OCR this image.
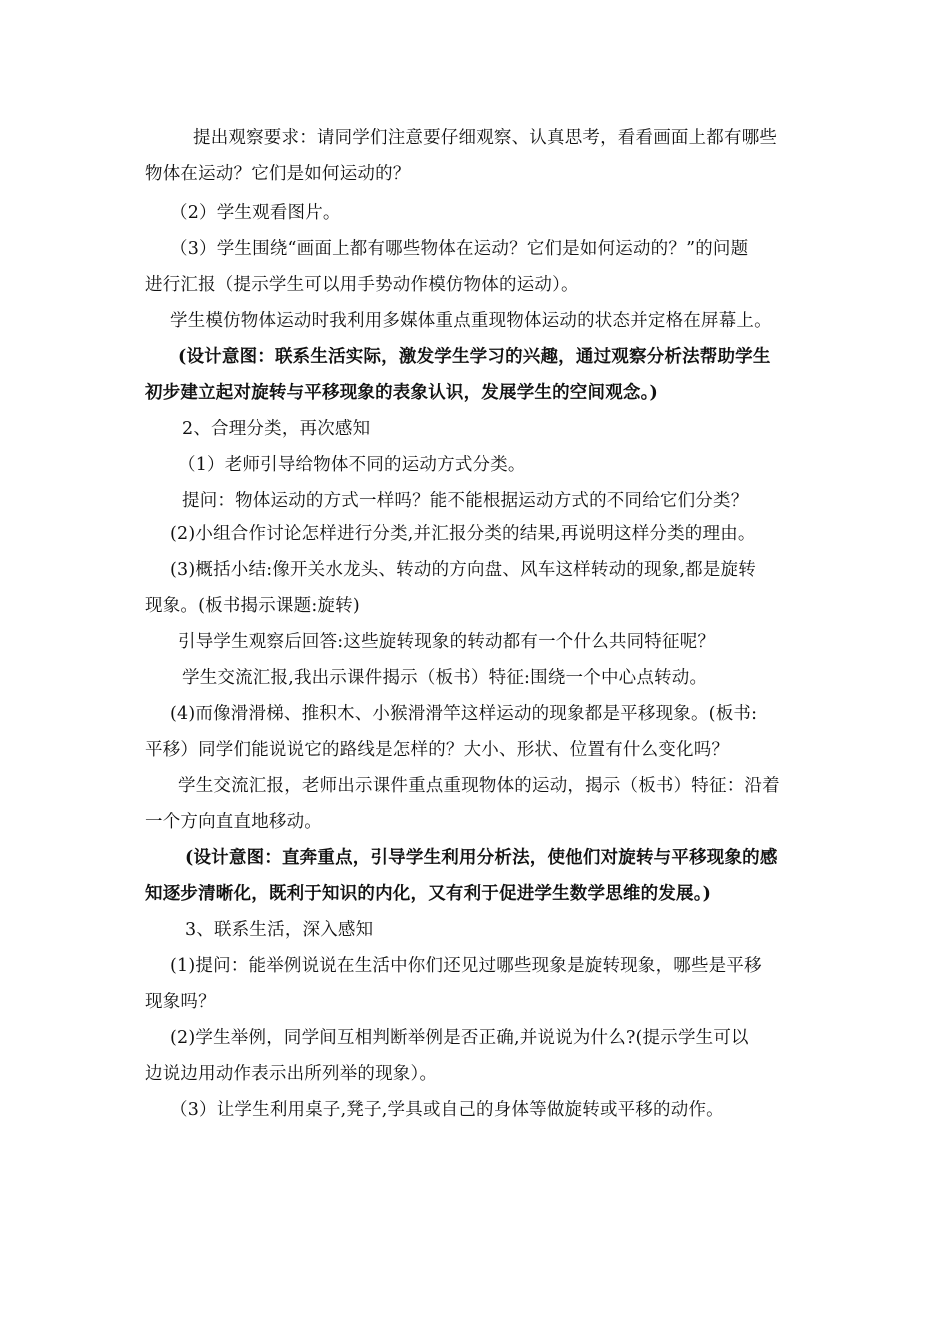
提出观察要求：请同学们注意要仔细观察、认真思考，看看画面上都有哪些
物体在运动？它们是如何运动的？
（2）学生观看图片。
（3）学生围绕“画面上都有哪些物体在运动？它们是如何运动的？”的问题
进行汇报（提示学生可以用手势动作模仿物体的运动）。
学生模仿物体运动时我利用多媒体重点重现物体运动的状态并定格在屏幕上。
(设计意图：联系生活实际，激发学生学习的兴趣，通过观察分析法帮助学生
初步建立起对旋转与平移现象的表象认识，发展学生的空间观念。)
2、合理分类，再次感知
（1）老师引导给物体不同的运动方式分类。
提问：物体运动的方式一样吗？能不能根据运动方式的不同给它们分类？
(2)小组合作讨论怎样进行分类,并汇报分类的结果,再说明这样分类的理由。
(3)概括小结:像开关水龙头、转动的方向盘、风车这样转动的现象,都是旋转
现象。(板书揭示课题:旋转)
引导学生观察后回答:这些旋转现象的转动都有一个什么共同特征呢？
学生交流汇报,我出示课件揭示（板书）特征:围绕一个中心点转动。
(4)而像滑滑梯、推积木、小猴滑滑竿这样运动的现象都是平移现象。(板书:
平移）同学们能说说它的路线是怎样的？大小、形状、位置有什么变化吗？
学生交流汇报，老师出示课件重点重现物体的运动，揭示（板书）特征：沿着
一个方向直直地移动。
(设计意图：直奔重点，引导学生利用分析法，使他们对旋转与平移现象的感
知逐步清晰化，既利于知识的内化，又有利于促进学生数学思维的发展。)
3、联系生活，深入感知
(1)提问：能举例说说在生活中你们还见过哪些现象是旋转现象，哪些是平移
现象吗？
(2)学生举例，同学间互相判断举例是否正确,并说说为什么?(提示学生可以
边说边用动作表示出所列举的现象）。
（3）让学生利用桌子,凳子,学具或自己的身体等做旋转或平移的动作。
